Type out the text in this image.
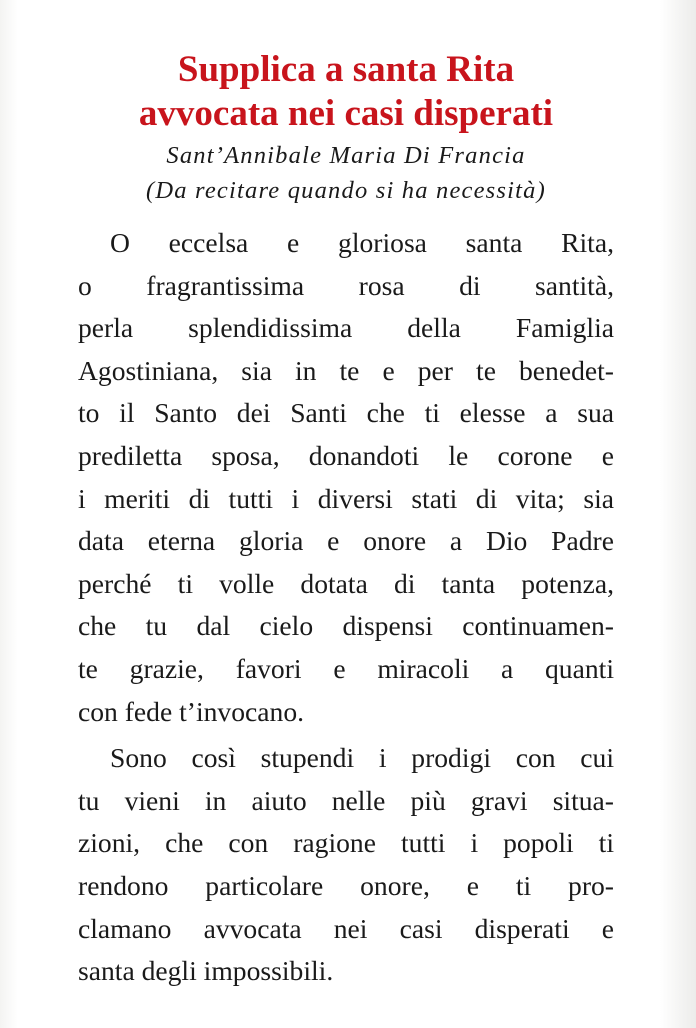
Supplica a santa Rita
avvocata nei casi disperati
Sant’Annibale Maria Di Francia
(Da recitare quando si ha necessità)
O eccelsa e gloriosa santa Rita,
o fragrantissima rosa di santità,
perla splendidissima della Famiglia
Agostiniana, sia in te e per te benedet-
to il Santo dei Santi che ti elesse a sua
prediletta sposa, donandoti le corone e
i meriti di tutti i diversi stati di vita; sia
data eterna gloria e onore a Dio Padre
perché ti volle dotata di tanta potenza,
che tu dal cielo dispensi continuamen-
te grazie, favori e miracoli a quanti
con fede t’invocano.
Sono così stupendi i prodigi con cui
tu vieni in aiuto nelle più gravi situa-
zioni, che con ragione tutti i popoli ti
rendono particolare onore, e ti pro-
clamano avvocata nei casi disperati e
santa degli impossibili.
